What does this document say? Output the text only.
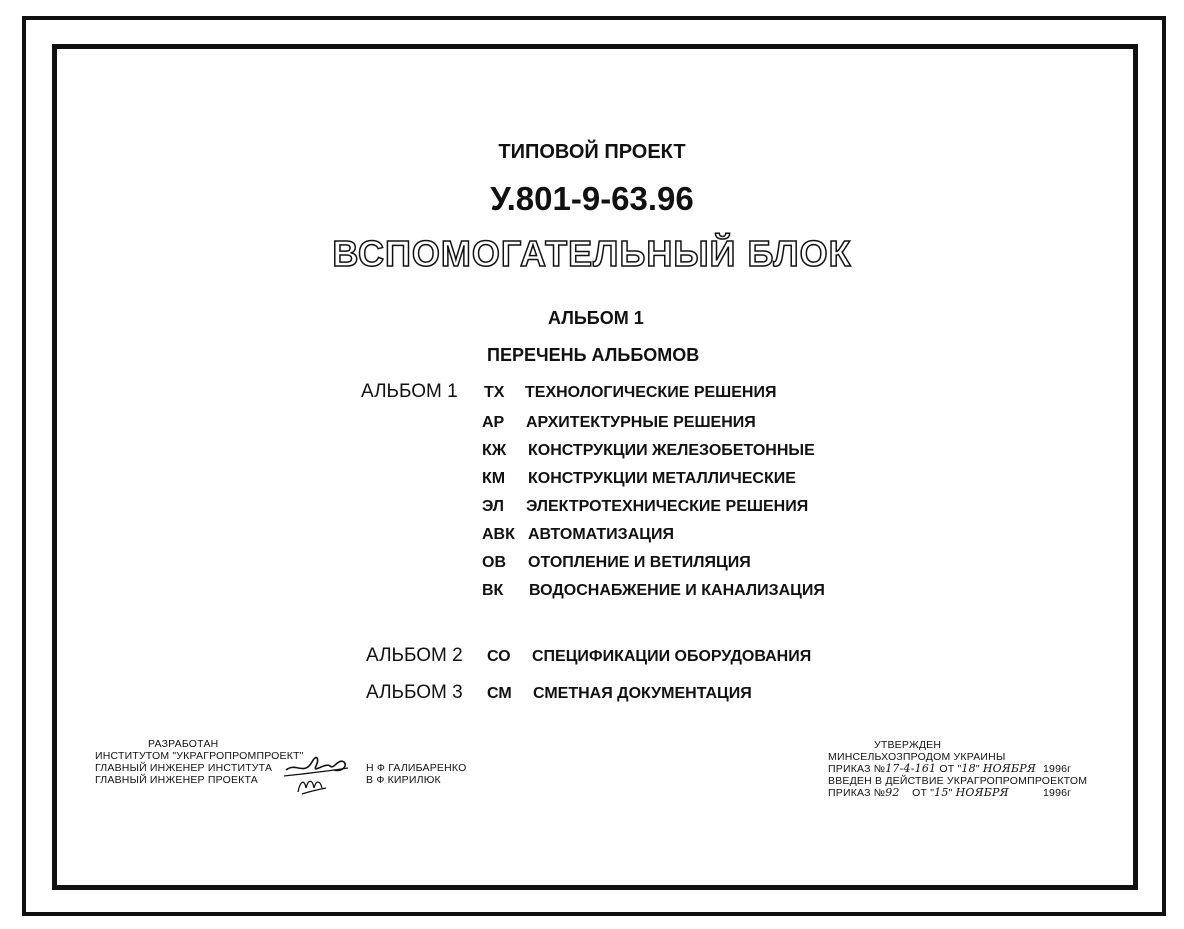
ТИПОВОЙ ПРОЕКТ
У.801-9-63.96
ВСПОМОГАТЕЛЬНЫЙ БЛОК
АЛЬБОМ 1
ПЕРЕЧЕНЬ АЛЬБОМОВ
АЛЬБОМ 1 ТХ ТЕХНОЛОГИЧЕСКИЕ РЕШЕНИЯ
АР АРХИТЕКТУРНЫЕ РЕШЕНИЯ
КЖ КОНСТРУКЦИИ ЖЕЛЕЗОБЕТОННЫЕ
КМ КОНСТРУКЦИИ МЕТАЛЛИЧЕСКИЕ
ЭЛ ЭЛЕКТРОТЕХНИЧЕСКИЕ РЕШЕНИЯ
АВК АВТОМАТИЗАЦИЯ
ОВ ОТОПЛЕНИЕ И ВЕТИЛЯЦИЯ
ВК ВОДОСНАБЖЕНИЕ И КАНАЛИЗАЦИЯ
АЛЬБОМ 2 СО СПЕЦИФИКАЦИИ ОБОРУДОВАНИЯ
АЛЬБОМ 3 СМ СМЕТНАЯ ДОКУМЕНТАЦИЯ
РАЗРАБОТАН
ИНСТИТУТОМ "УКРАГРОПРОМПРОЕКТ"
ГЛАВНЫЙ ИНЖЕНЕР ИНСТИТУТА
ГЛАВНЫЙ ИНЖЕНЕР ПРОЕКТА
Н Ф ГАЛИБАРЕНКО
В Ф КИРИЛЮК
УТВЕРЖДЕН
МИНСЕЛЬХОЗПРОДОМ УКРАИНЫ
ПРИКАЗ №17-4-161 ОТ "18" НОЯБРЯ 1996г
ВВЕДЕН В ДЕЙСТВИЕ УКРАГРОПРОМПРОЕКТОМ
ПРИКАЗ №92 ОТ "15" НОЯБРЯ	1996г
